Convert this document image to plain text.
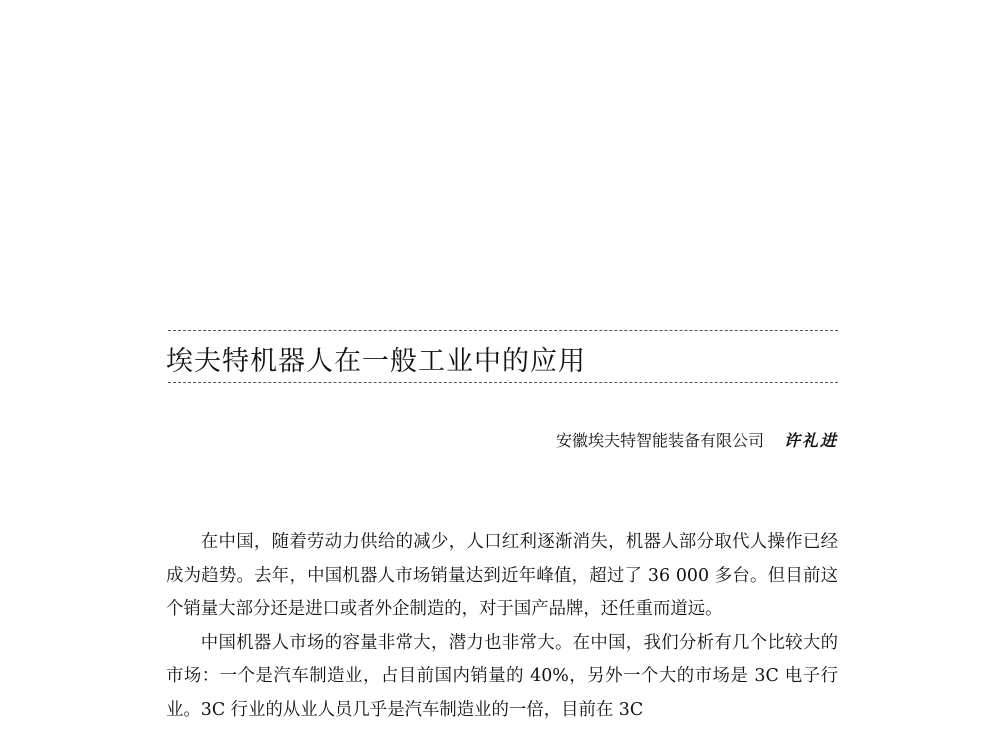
埃夫特机器人在一般工业中的应用
安徽埃夫特智能装备有限公司 许礼进

在中国，随着劳动力供给的减少，人口红利逐渐消失，机器人部分取代人操作已经成为趋势。去年，中国机器人市场销量达到近年峰值，超过了 36 000 多台。但目前这个销量大部分还是进口或者外企制造的，对于国产品牌，还任重而道远。

中国机器人市场的容量非常大，潜力也非常大。在中国，我们分析有几个比较大的市场：一个是汽车制造业，占目前国内销量的 40%，另外一个大的市场是 3C 电子行业。3C 行业的从业人员几乎是汽车制造业的一倍，目前在 3C
